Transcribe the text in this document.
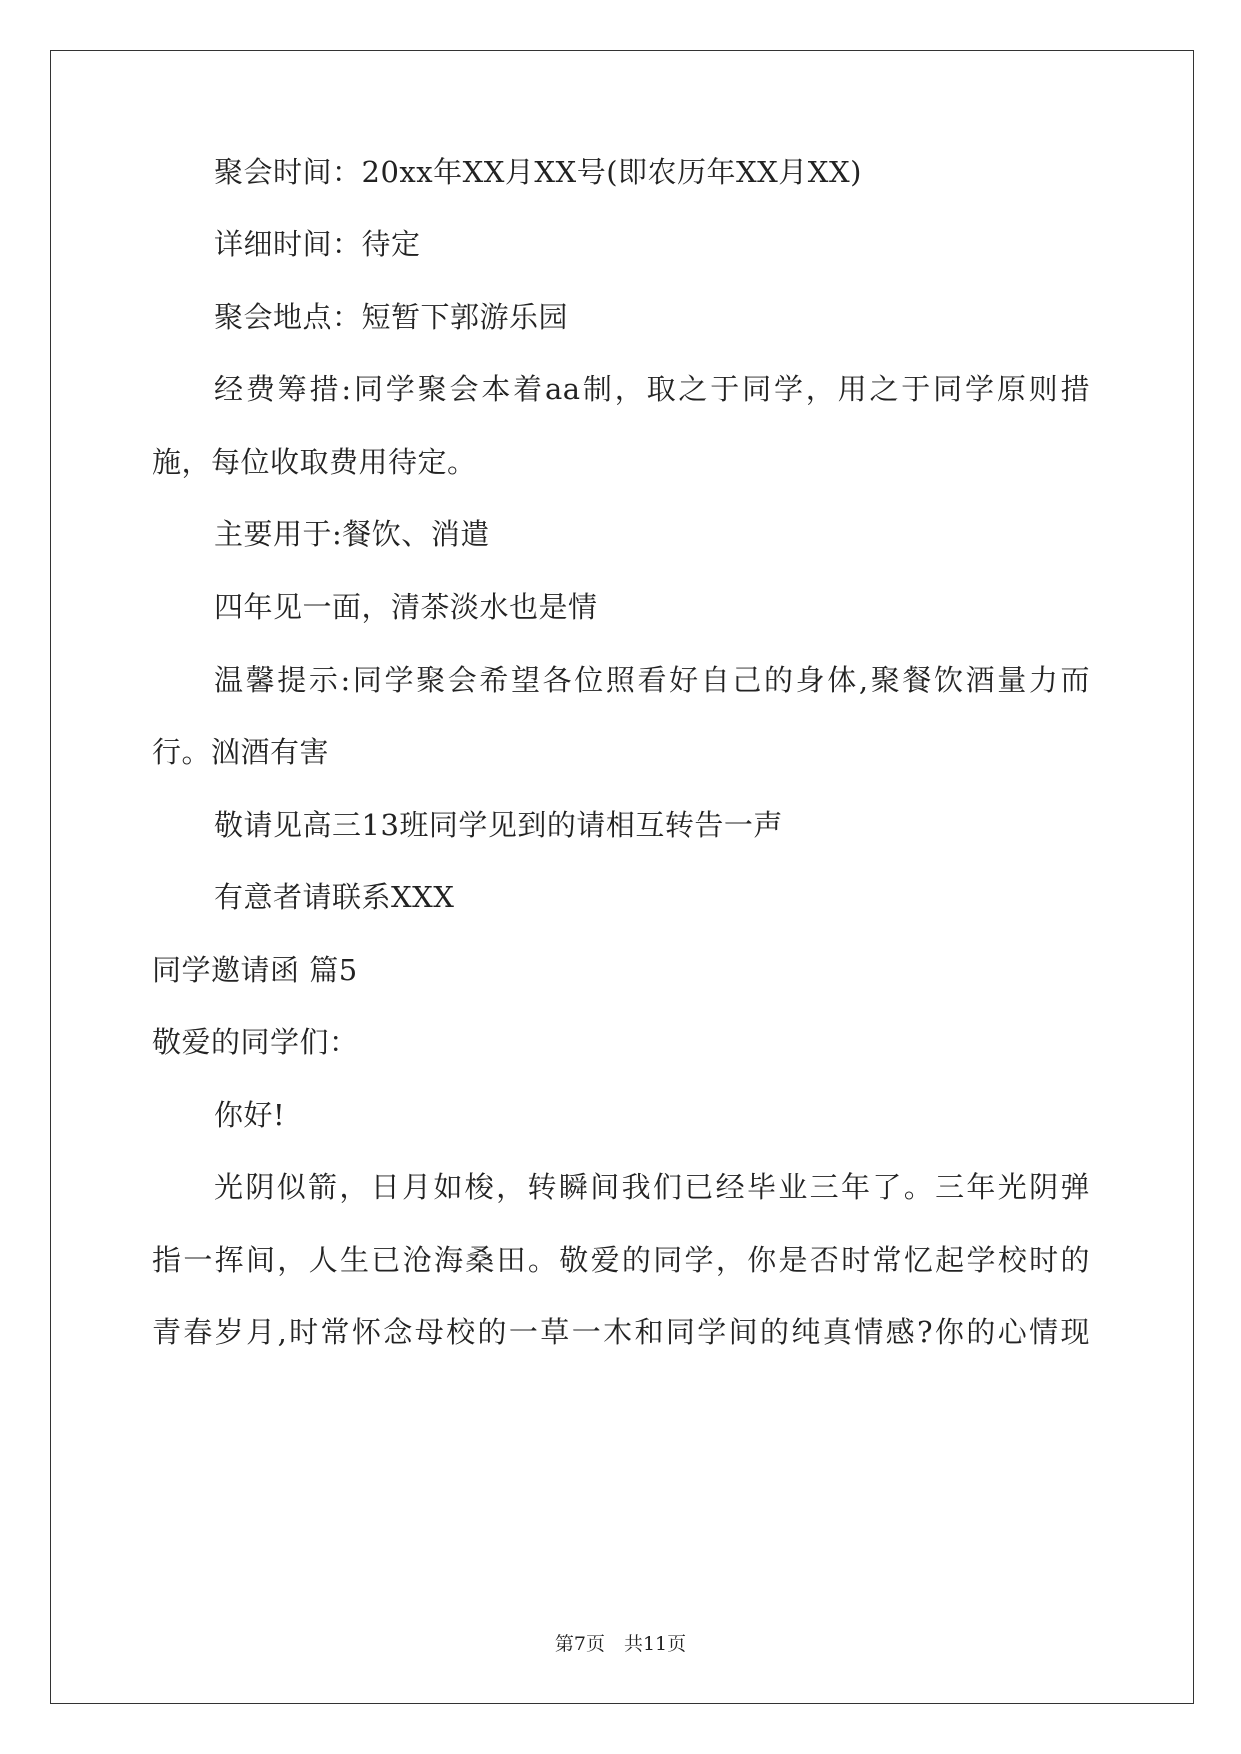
聚会时间：20xx年XX月XX号(即农历年XX月XX)
详细时间：待定
聚会地点：短暂下郭游乐园
经费筹措:同学聚会本着aa制，取之于同学，用之于同学原则措
施，每位收取费用待定。
主要用于:餐饮、消遣
四年见一面，清茶淡水也是情
温馨提示:同学聚会希望各位照看好自己的身体,聚餐饮酒量力而
行。汹酒有害
敬请见高三13班同学见到的请相互转告一声
有意者请联系XXX
同学邀请函 篇5
敬爱的同学们：
你好!
光阴似箭，日月如梭，转瞬间我们已经毕业三年了。三年光阴弹
指一挥间，人生已沧海桑田。敬爱的同学，你是否时常忆起学校时的
青春岁月,时常怀念母校的一草一木和同学间的纯真情感?你的心情现
第7页　共11页
